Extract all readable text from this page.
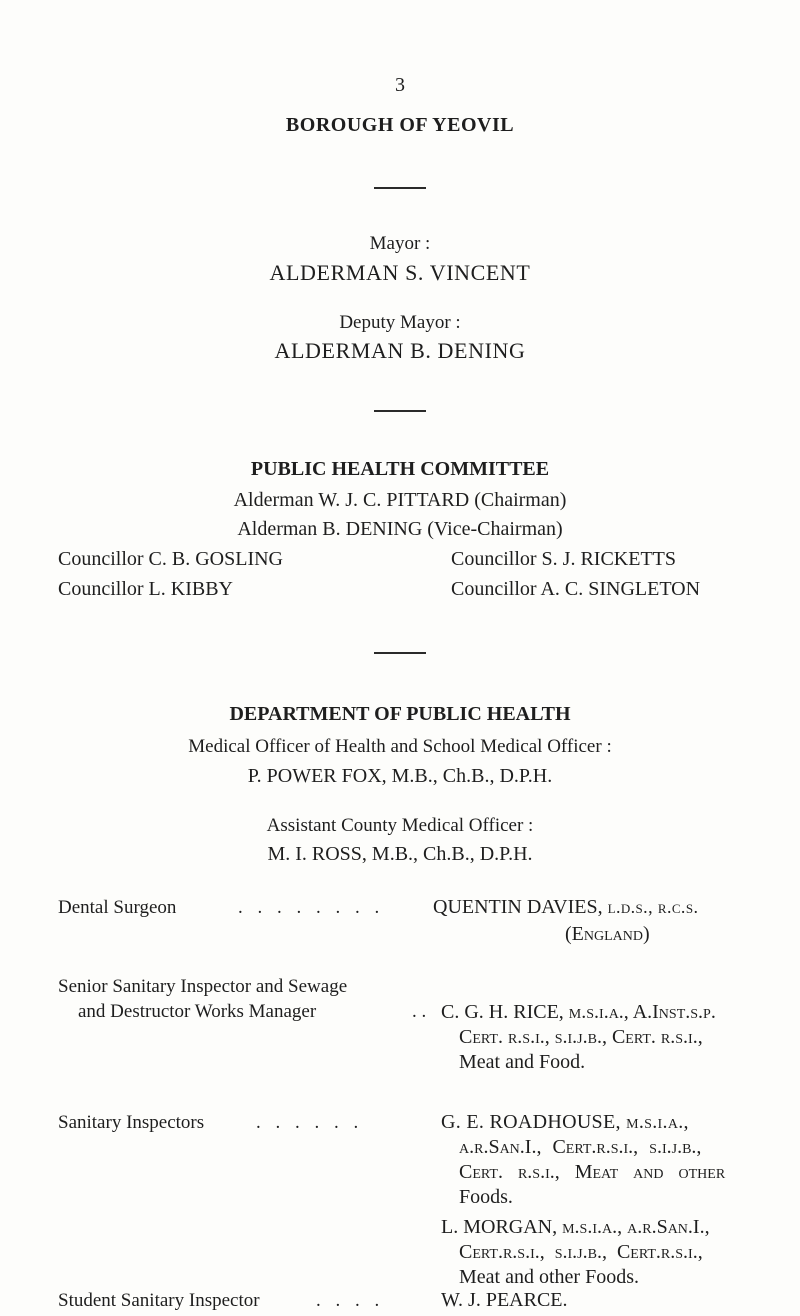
3
BOROUGH OF YEOVIL
Mayor :
ALDERMAN S. VINCENT
Deputy Mayor :
ALDERMAN B. DENING
PUBLIC HEALTH COMMITTEE
Alderman W. J. C. PITTARD (Chairman)
Alderman B. DENING (Vice-Chairman)
Councillor C. B. GOSLING	Councillor S. J. RICKETTS
Councillor L. KIBBY	Councillor A. C. SINGLETON
DEPARTMENT OF PUBLIC HEALTH
Medical Officer of Health and School Medical Officer :
P. POWER FOX, M.B., Ch.B., D.P.H.
Assistant County Medical Officer :
M. I. ROSS, M.B., Ch.B., D.P.H.
Dental Surgeon	. . . . . . . .	QUENTIN DAVIES, l.d.s., r.c.s.
(England)
Senior Sanitary Inspector and Sewage
and Destructor Works Manager	. . C. G. H. RICE, m.s.i.a., A.Inst.s.p.
Cert. r.s.i., s.i.j.b., Cert. r.s.i.,
Meat and Food.
Sanitary Inspectors	. . . . . .	G. E. ROADHOUSE, m.s.i.a.,
a.r.San.I., Cert.r.s.i., s.i.j.b.,
Cert. r.s.i., Meat and other
Foods.
L. MORGAN, m.s.i.a., a.r.San.I.,
Cert.r.s.i., s.i.j.b., Cert.r.s.i.,
Meat and other Foods.
Student Sanitary Inspector	. . . .	W. J. PEARCE.
